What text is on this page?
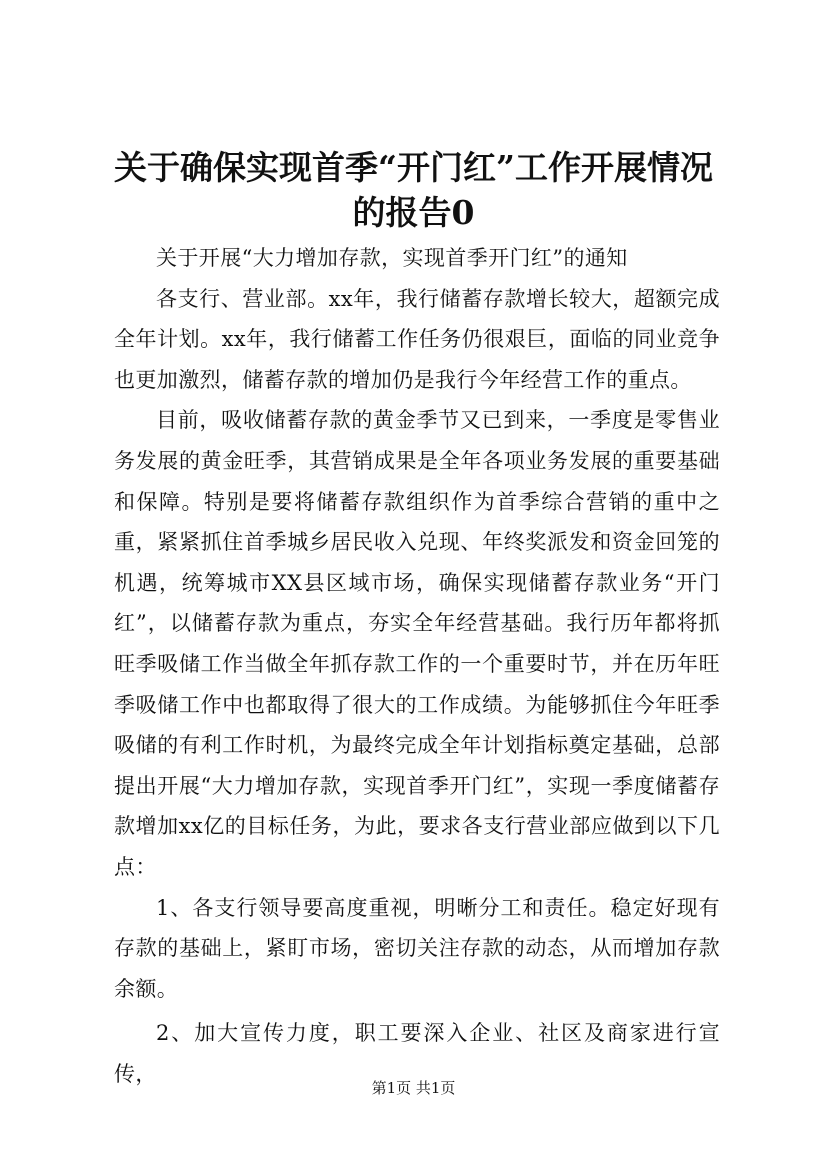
关于确保实现首季“开门红”工作开展情况的报告0

关于开展“大力增加存款，实现首季开门红”的通知

各支行、营业部。xx年，我行储蓄存款增长较大，超额完成全年计划。xx年，我行储蓄工作任务仍很艰巨，面临的同业竞争也更加激烈，储蓄存款的增加仍是我行今年经营工作的重点。

目前，吸收储蓄存款的黄金季节又已到来，一季度是零售业务发展的黄金旺季，其营销成果是全年各项业务发展的重要基础和保障。特别是要将储蓄存款组织作为首季综合营销的重中之重，紧紧抓住首季城乡居民收入兑现、年终奖派发和资金回笼的机遇，统筹城市XX县区域市场，确保实现储蓄存款业务“开门红”，以储蓄存款为重点，夯实全年经营基础。我行历年都将抓旺季吸储工作当做全年抓存款工作的一个重要时节，并在历年旺季吸储工作中也都取得了很大的工作成绩。为能够抓住今年旺季吸储的有利工作时机，为最终完成全年计划指标奠定基础，总部提出开展“大力增加存款，实现首季开门红”，实现一季度储蓄存款增加xx亿的目标任务，为此，要求各支行营业部应做到以下几点：

1、各支行领导要高度重视，明晰分工和责任。稳定好现有存款的基础上，紧盯市场，密切关注存款的动态，从而增加存款余额。

2、加大宣传力度，职工要深入企业、社区及商家进行宣传，

第1页 共1页
